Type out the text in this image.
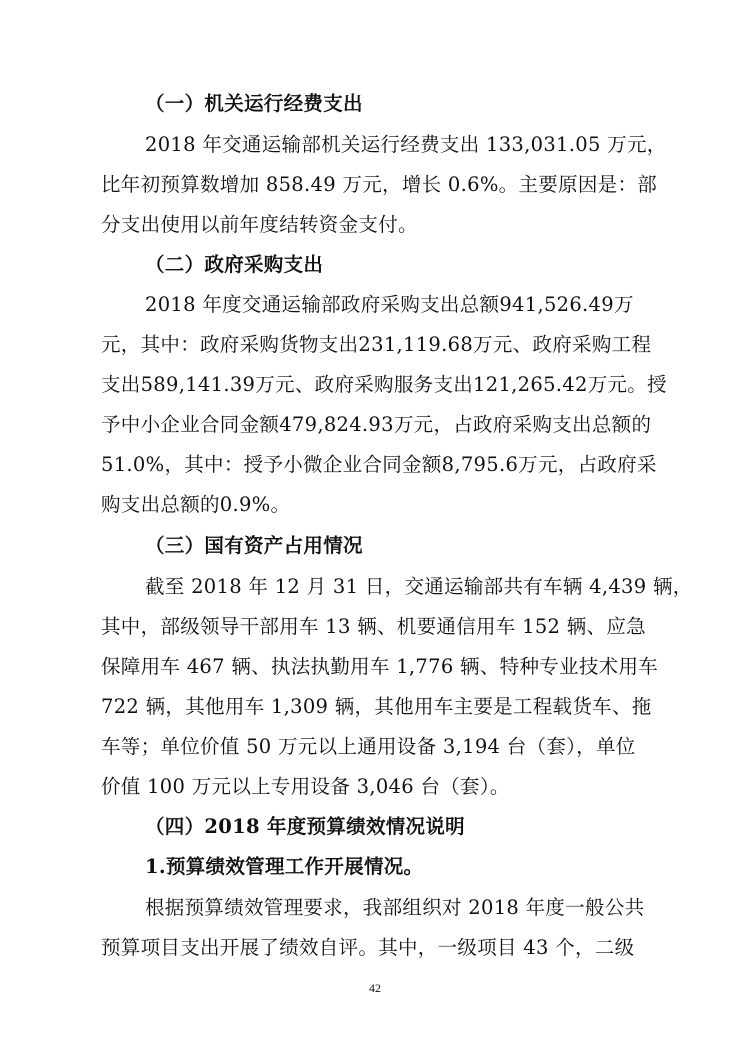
（一）机关运行经费支出
2018 年交通运输部机关运行经费支出 133,031.05 万元，
比年初预算数增加 858.49 万元，增长 0.6%。主要原因是：部
分支出使用以前年度结转资金支付。
（二）政府采购支出
2018 年度交通运输部政府采购支出总额941,526.49万
元，其中：政府采购货物支出231,119.68万元、政府采购工程
支出589,141.39万元、政府采购服务支出121,265.42万元。授
予中小企业合同金额479,824.93万元，占政府采购支出总额的
51.0%，其中：授予小微企业合同金额8,795.6万元，占政府采
购支出总额的0.9%。
（三）国有资产占用情况
截至 2018 年 12 月 31 日，交通运输部共有车辆 4,439 辆，
其中，部级领导干部用车 13 辆、机要通信用车 152 辆、应急
保障用车 467 辆、执法执勤用车 1,776 辆、特种专业技术用车
722 辆，其他用车 1,309 辆，其他用车主要是工程载货车、拖
车等；单位价值 50 万元以上通用设备 3,194 台（套），单位
价值 100 万元以上专用设备 3,046 台（套）。
（四）2018 年度预算绩效情况说明
1.预算绩效管理工作开展情况。
根据预算绩效管理要求，我部组织对 2018 年度一般公共
预算项目支出开展了绩效自评。其中，一级项目 43 个，二级
42
